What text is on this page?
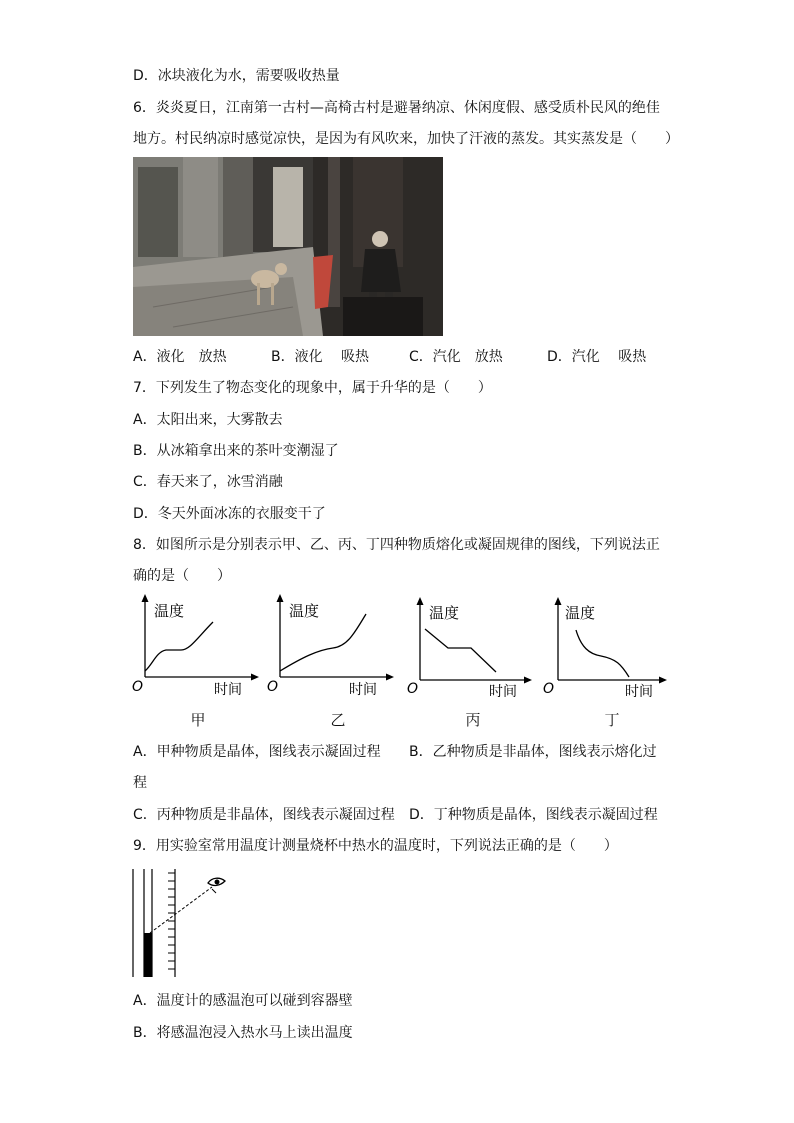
D．冰块液化为水，需要吸收热量
6．炎炎夏日，江南第一古村—高椅古村是避暑纳凉、休闲度假、感受质朴民风的绝佳
地方。村民纳凉时感觉凉快，是因为有风吹来，加快了汗液的蒸发。其实蒸发是（　　）
A．液化　放热	B．液化　 吸热	C．汽化　放热	D．汽化　 吸热
7．下列发生了物态变化的现象中，属于升华的是（　　）
A．太阳出来，大雾散去
B．从冰箱拿出来的茶叶变潮湿了
C．春天来了，冰雪消融
D．冬天外面冰冻的衣服变干了
8．如图所示是分别表示甲、乙、丙、丁四种物质熔化或凝固规律的图线，下列说法正
确的是（　　）
温度
时间
O
温度
时间
O
温度
时间
O
温度
时间
O
甲	乙	丙	丁
A．甲种物质是晶体，图线表示凝固过程 B．乙种物质是非晶体，图线表示熔化过
程
C．丙种物质是非晶体，图线表示凝固过程 D．丁种物质是晶体，图线表示凝固过程
9．用实验室常用温度计测量烧杯中热水的温度时，下列说法正确的是（　　）
A．温度计的感温泡可以碰到容器壁
B．将感温泡浸入热水马上读出温度
